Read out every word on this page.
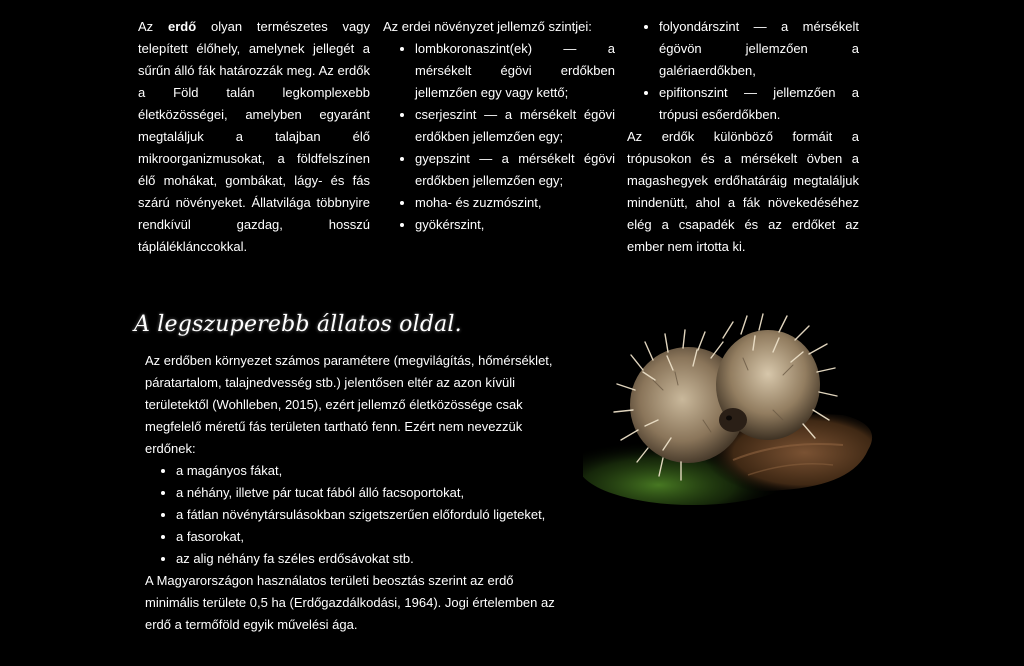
Az erdő olyan természetes vagy telepített élőhely, amelynek jellegét a sűrűn álló fák határozzák meg. Az erdők a Föld talán legkomplexebb életközösségei, amelyben egyaránt megtaláljuk a talajban élő mikroorganizmusokat, a földfelszínen élő mohákat, gombákat, lágy- és fás szárú növényeket. Állatvilága többnyire rendkívül gazdag, hosszú tápláléklánccokkal.

Az erdei növényzet jellemző szintjei:

• lombkoronaszint(ek) — a mérsékelt égövi erdőkben jellemzően egy vagy kettő;
• cserjeszint — a mérsékelt égövi erdőkben jellemzően egy;
• gyepszint — a mérsékelt égövi erdőkben jellemzően egy;
• moha- és zuzmószint,
• gyökérszint,
• folyondárszint — a mérsékelt égövön jellemzően a galériaerdőkben,
• epifitonszint — jellemzően a trópusi esőerdőkben.

Az erdők különböző formáit a trópusokon és a mérsékelt övben a magashegyek erdőhatáráig megtaláljuk mindenütt, ahol a fák növekedéséhez elég a csapadék és az erdőket az ember nem irtotta ki.

A legszuperebb állatos oldal.

Az erdőben környezet számos paramétere (megvilágítás, hőmérséklet, páratartalom, talajnedvesség stb.) jelentősen eltér az azon kívüli területektől (Wohlleben, 2015), ezért jellemző életközössége csak megfelelő méretű fás területen tartható fenn. Ezért nem nevezzük erdőnek:

• a magányos fákat,
• a néhány, illetve pár tucat fából álló facsoportokat,
• a fátlan növénytársulásokban szigetszerűen előforduló ligeteket,
• a fasorokat,
• az alig néhány fa széles erdősávokat stb.

A Magyarországon használatos területi beosztás szerint az erdő minimális területe 0,5 ha (Erdőgazdálkodási, 1964). Jogi értelemben az erdő a termőföld egyik művelési ága.
